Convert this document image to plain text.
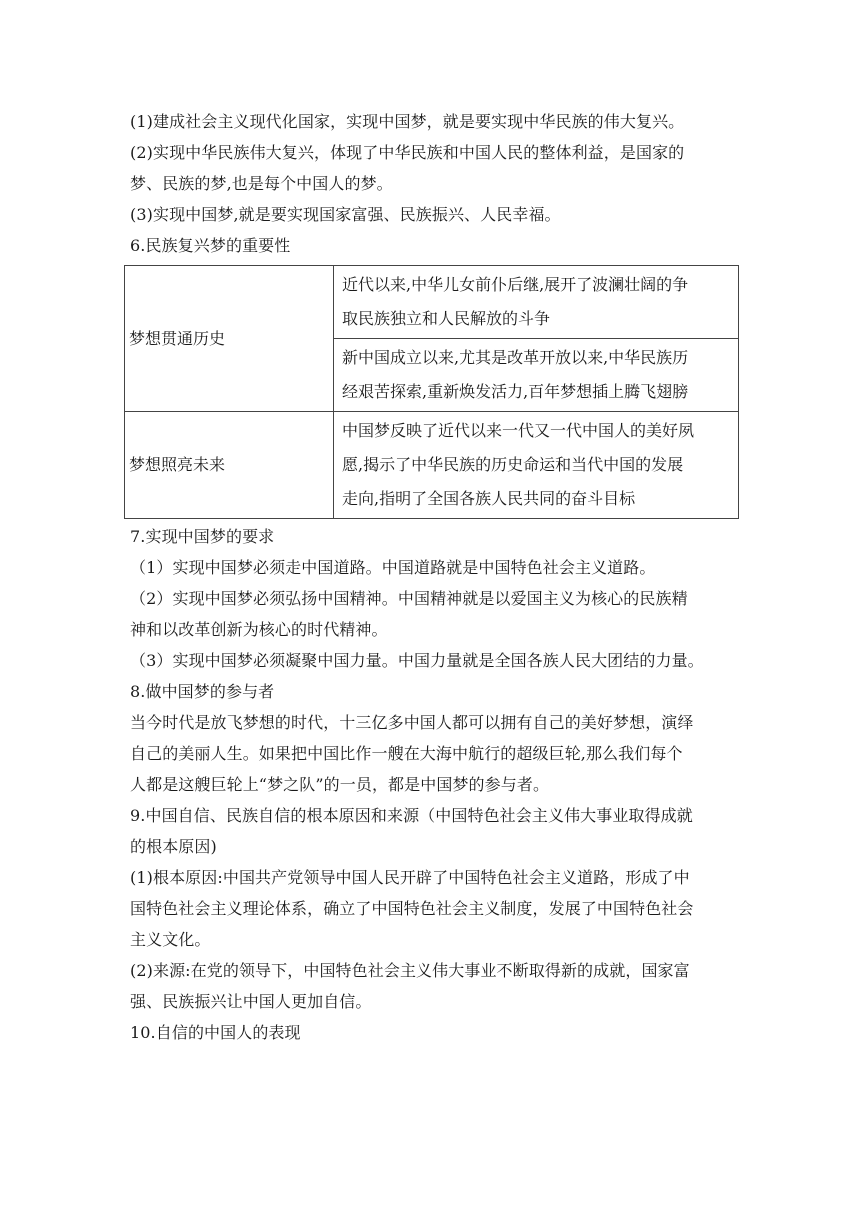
(1)建成社会主义现代化国家，实现中国梦，就是要实现中华民族的伟大复兴。

(2)实现中华民族伟大复兴，体现了中华民族和中国人民的整体利益，是国家的

梦、民族的梦,也是每个中国人的梦。

(3)实现中国梦,就是要实现国家富强、民族振兴、人民幸福。

6.民族复兴梦的重要性

梦想贯通历史	近代以来,中华儿女前仆后继,展开了波澜壮阔的争
取民族独立和人民解放的斗争

	新中国成立以来,尤其是改革开放以来,中华民族历
经艰苦探索,重新焕发活力,百年梦想插上腾飞翅膀

梦想照亮未来	中国梦反映了近代以来一代又一代中国人的美好夙
愿,揭示了中华民族的历史命运和当代中国的发展
走向,指明了全国各族人民共同的奋斗目标

7.实现中国梦的要求

（1）实现中国梦必须走中国道路。中国道路就是中国特色社会主义道路。

（2）实现中国梦必须弘扬中国精神。中国精神就是以爱国主义为核心的民族精

神和以改革创新为核心的时代精神。

（3）实现中国梦必须凝聚中国力量。中国力量就是全国各族人民大团结的力量。

8.做中国梦的参与者

当今时代是放飞梦想的时代，十三亿多中国人都可以拥有自己的美好梦想，演绎

自己的美丽人生。如果把中国比作一艘在大海中航行的超级巨轮,那么我们每个

人都是这艘巨轮上“梦之队”的一员，都是中国梦的参与者。

9.中国自信、民族自信的根本原因和来源（中国特色社会主义伟大事业取得成就

的根本原因)

(1)根本原因:中国共产党领导中国人民开辟了中国特色社会主义道路，形成了中

国特色社会主义理论体系，确立了中国特色社会主义制度，发展了中国特色社会

主义文化。

(2)来源:在党的领导下，中国特色社会主义伟大事业不断取得新的成就，国家富

强、民族振兴让中国人更加自信。

10.自信的中国人的表现
